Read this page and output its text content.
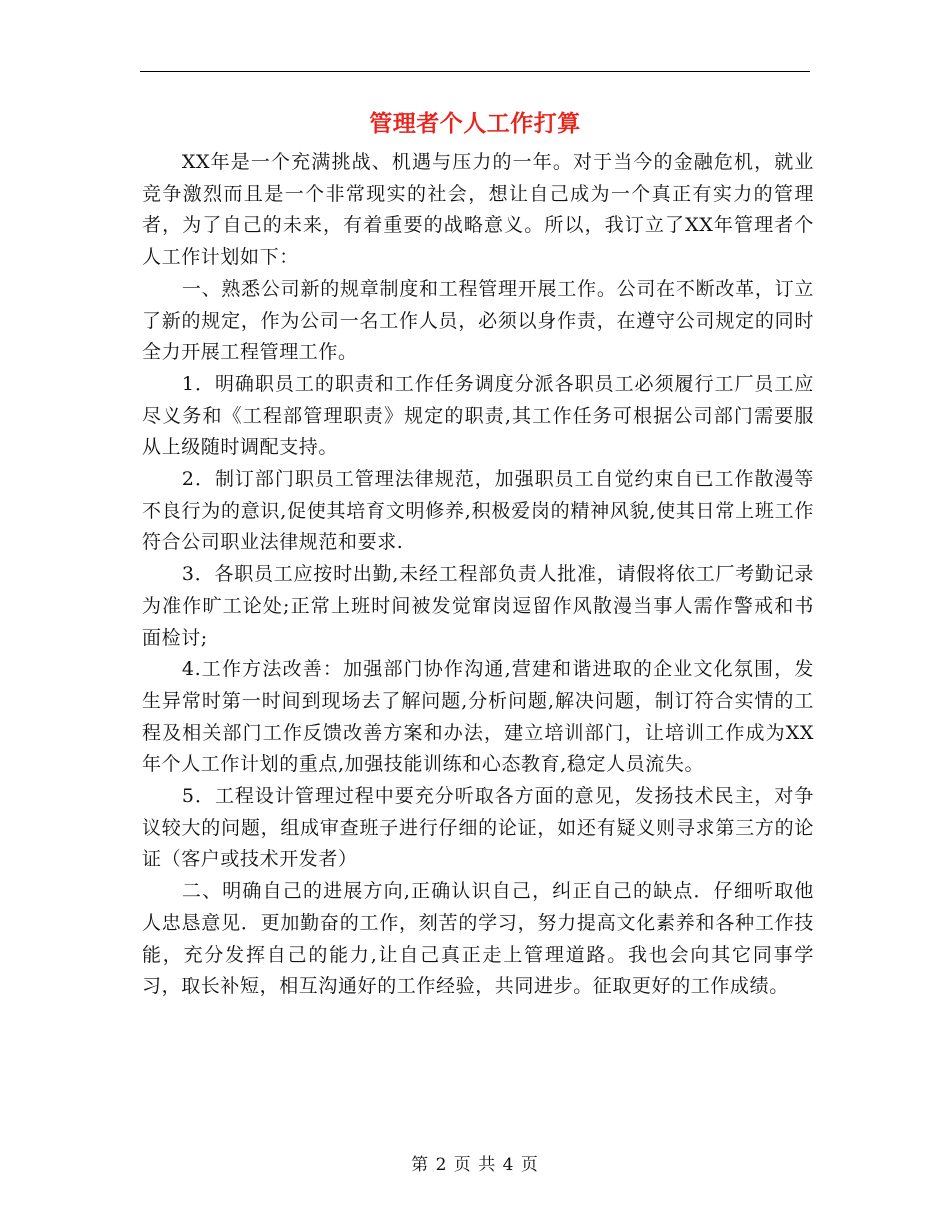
管理者个人工作打算

XX年是一个充满挑战、机遇与压力的一年。对于当今的金融危机，就业竞争激烈而且是一个非常现实的社会，想让自己成为一个真正有实力的管理者，为了自己的未来，有着重要的战略意义。所以，我订立了XX年管理者个人工作计划如下：

一、熟悉公司新的规章制度和工程管理开展工作。公司在不断改革，订立了新的规定，作为公司一名工作人员，必须以身作责，在遵守公司规定的同时全力开展工程管理工作。

1．明确职员工的职责和工作任务调度分派各职员工必须履行工厂员工应尽义务和《工程部管理职责》规定的职责,其工作任务可根据公司部门需要服从上级随时调配支持。

2．制订部门职员工管理法律规范，加强职员工自觉约束自已工作散漫等不良行为的意识,促使其培育文明修养,积极爱岗的精神风貌,使其日常上班工作符合公司职业法律规范和要求.

3．各职员工应按时出勤,未经工程部负责人批准，请假将依工厂考勤记录为准作旷工论处;正常上班时间被发觉窜岗逗留作风散漫当事人需作警戒和书面检讨;

4.工作方法改善：加强部门协作沟通,营建和谐进取的企业文化氛围，发生异常时第一时间到现场去了解问题,分析问题,解决问题，制订符合实情的工程及相关部门工作反馈改善方案和办法，建立培训部门，让培训工作成为XX年个人工作计划的重点,加强技能训练和心态教育,稳定人员流失。

5．工程设计管理过程中要充分听取各方面的意见，发扬技术民主，对争议较大的问题，组成审查班子进行仔细的论证，如还有疑义则寻求第三方的论证（客户或技术开发者）

二、明确自己的进展方向,正确认识自己，纠正自己的缺点．仔细听取他人忠恳意见．更加勤奋的工作，刻苦的学习，努力提高文化素养和各种工作技能，充分发挥自己的能力,让自己真正走上管理道路。我也会向其它同事学习，取长补短，相互沟通好的工作经验，共同进步。征取更好的工作成绩。

第 2 页 共 4 页
